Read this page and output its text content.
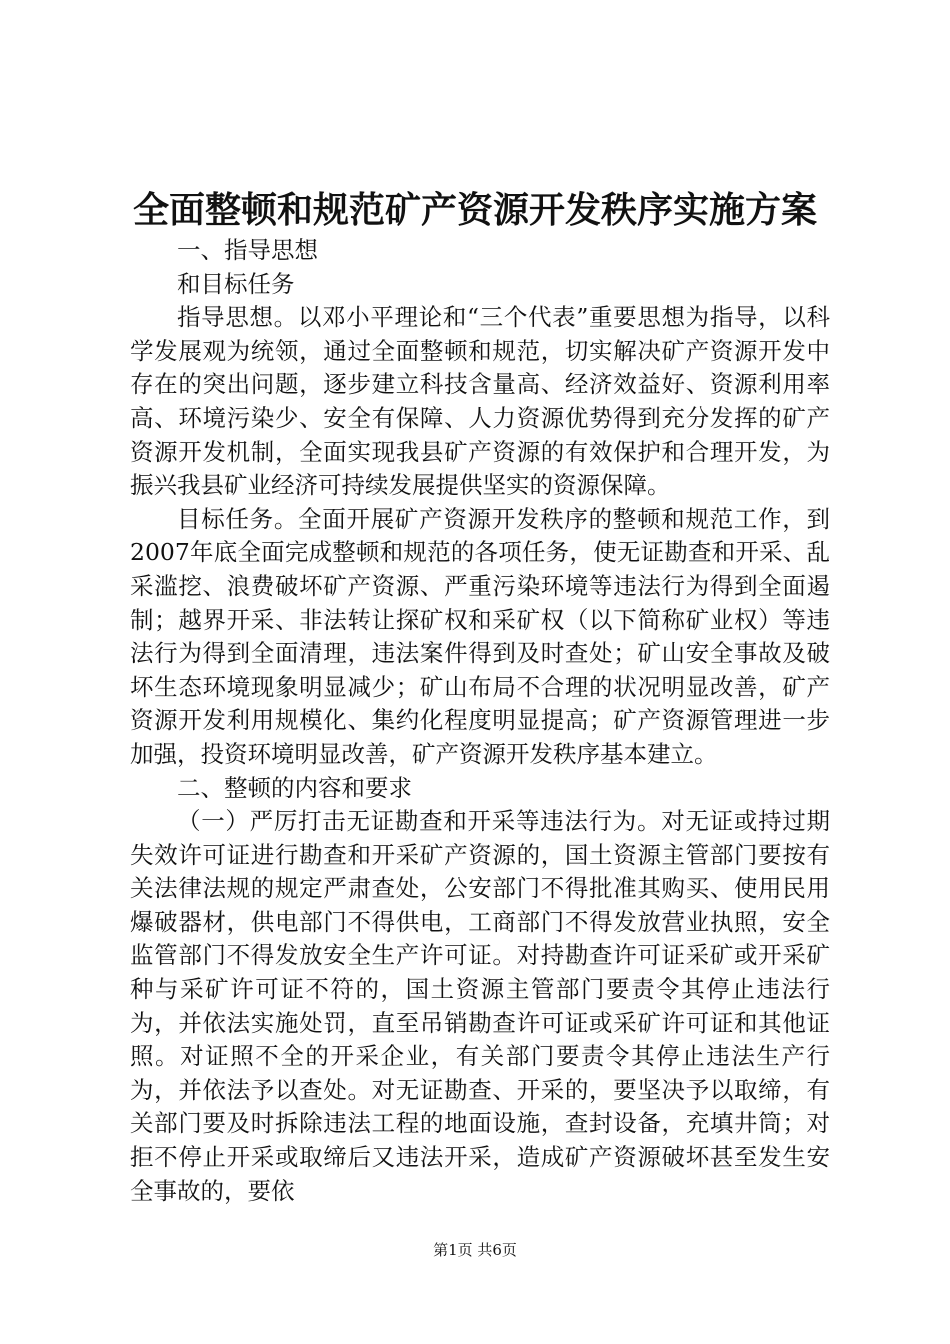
全面整顿和规范矿产资源开发秩序实施方案

一、指导思想

和目标任务

指导思想。以邓小平理论和“三个代表”重要思想为指导，以科学发展观为统领，通过全面整顿和规范，切实解决矿产资源开发中存在的突出问题，逐步建立科技含量高、经济效益好、资源利用率高、环境污染少、安全有保障、人力资源优势得到充分发挥的矿产资源开发机制，全面实现我县矿产资源的有效保护和合理开发，为振兴我县矿业经济可持续发展提供坚实的资源保障。

目标任务。全面开展矿产资源开发秩序的整顿和规范工作，到2007年底全面完成整顿和规范的各项任务，使无证勘查和开采、乱采滥挖、浪费破坏矿产资源、严重污染环境等违法行为得到全面遏制；越界开采、非法转让探矿权和采矿权（以下简称矿业权）等违法行为得到全面清理，违法案件得到及时查处；矿山安全事故及破坏生态环境现象明显减少；矿山布局不合理的状况明显改善，矿产资源开发利用规模化、集约化程度明显提高；矿产资源管理进一步加强，投资环境明显改善，矿产资源开发秩序基本建立。

二、整顿的内容和要求

（一）严厉打击无证勘查和开采等违法行为。对无证或持过期失效许可证进行勘查和开采矿产资源的，国土资源主管部门要按有关法律法规的规定严肃查处，公安部门不得批准其购买、使用民用爆破器材，供电部门不得供电，工商部门不得发放营业执照，安全监管部门不得发放安全生产许可证。对持勘查许可证采矿或开采矿种与采矿许可证不符的，国土资源主管部门要责令其停止违法行为，并依法实施处罚，直至吊销勘查许可证或采矿许可证和其他证照。对证照不全的开采企业，有关部门要责令其停止违法生产行为，并依法予以查处。对无证勘查、开采的，要坚决予以取缔，有关部门要及时拆除违法工程的地面设施，查封设备，充填井筒；对拒不停止开采或取缔后又违法开采，造成矿产资源破坏甚至发生安全事故的，要依

第1页 共6页
